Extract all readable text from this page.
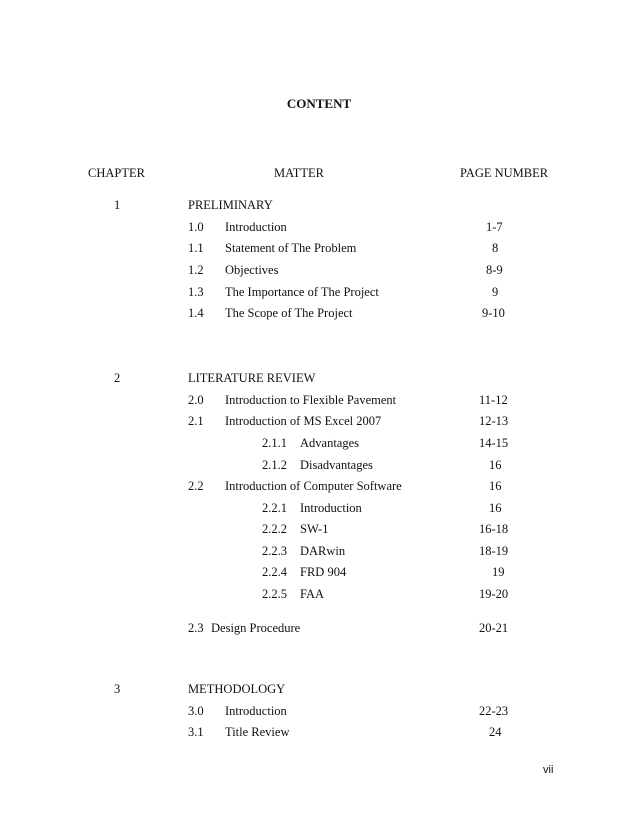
CONTENT
CHAPTER	MATTER	PAGE NUMBER
1	PRELIMINARY
1.0 Introduction	1-7
1.1 Statement of The Problem	8
1.2 Objectives	8-9
1.3 The Importance of The Project	9
1.4 The Scope of The Project	9-10
2	LITERATURE REVIEW
2.0 Introduction to Flexible Pavement	11-12
2.1 Introduction of MS Excel 2007	12-13
2.1.1 Advantages	14-15
2.1.2 Disadvantages	16
2.2 Introduction of Computer Software	16
2.2.1 Introduction	16
2.2.2 SW-1	16-18
2.2.3 DARwin	18-19
2.2.4 FRD 904	19
2.2.5 FAA	19-20
2.3 Design Procedure	20-21
3	METHODOLOGY
3.0 Introduction	22-23
3.1 Title Review	24
vii
